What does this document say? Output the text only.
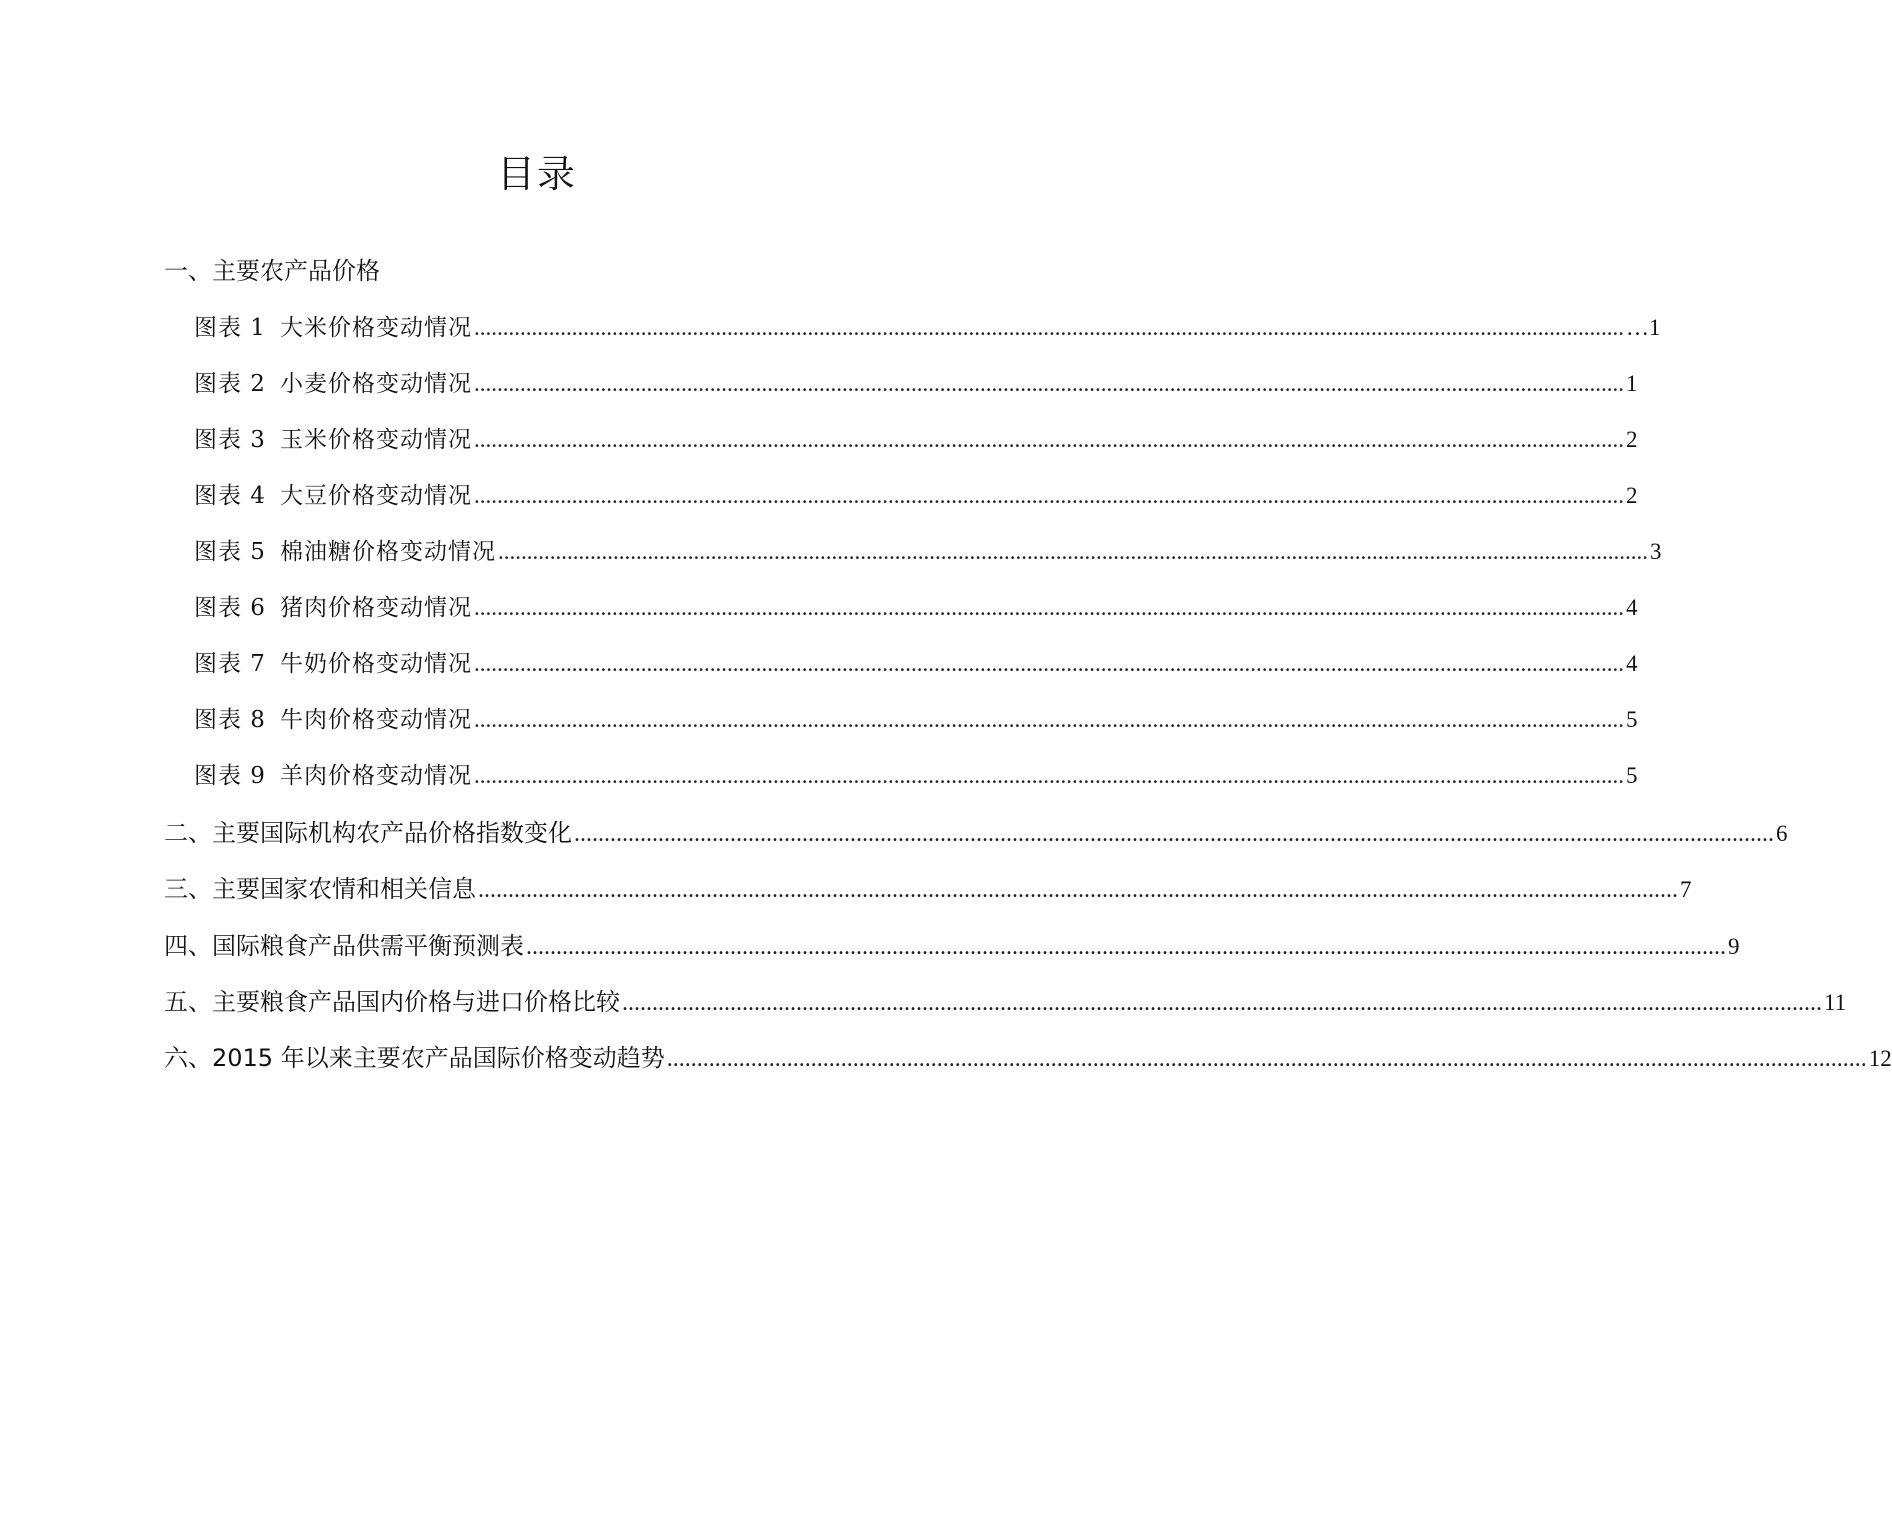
目录
一、主要农产品价格
图表 1 大米价格变动情况 ........................................................................................................................................................................................................ …1
图表 2 小麦价格变动情况 ........................................................................................................................................................................................................ 1
图表 3 玉米价格变动情况 ........................................................................................................................................................................................................ 2
图表 4 大豆价格变动情况 ........................................................................................................................................................................................................ 2
图表 5 棉油糖价格变动情况 ........................................................................................................................................................................................................ 3
图表 6 猪肉价格变动情况 ........................................................................................................................................................................................................ 4
图表 7 牛奶价格变动情况 ........................................................................................................................................................................................................ 4
图表 8 牛肉价格变动情况 ........................................................................................................................................................................................................ 5
图表 9 羊肉价格变动情况 ........................................................................................................................................................................................................ 5
二、主要国际机构农产品价格指数变化 ........................................................................................................................................................................................................ 6
三、主要国家农情和相关信息 ........................................................................................................................................................................................................ 7
四、国际粮食产品供需平衡预测表 ........................................................................................................................................................................................................ 9
五、主要粮食产品国内价格与进口价格比较 ........................................................................................................................................................................................................ 11
六、2015 年以来主要农产品国际价格变动趋势 ........................................................................................................................................................................................................ 12
